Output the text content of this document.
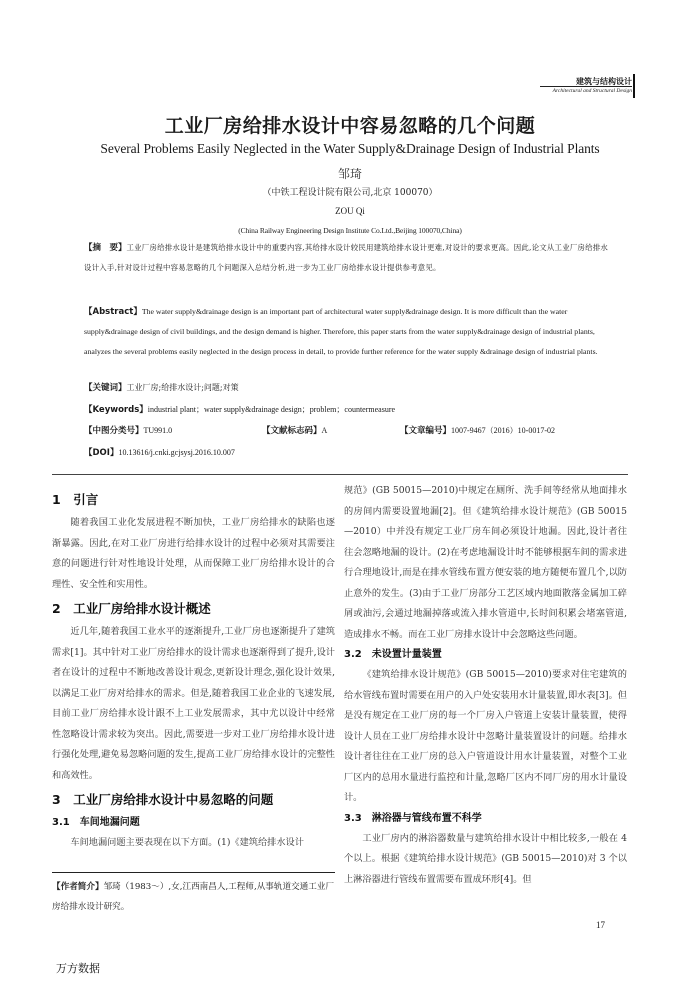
建筑与结构设计
Architectural and Structural Design
工业厂房给排水设计中容易忽略的几个问题
Several Problems Easily Neglected in the Water Supply&Drainage Design of Industrial Plants
邹琦
（中铁工程设计院有限公司,北京 100070）
ZOU Qi
(China Railway Engineering Design Institute Co.Ltd.,Beijing 100070,China)
【摘　要】工业厂房给排水设计是建筑给排水设计中的重要内容,其给排水设计较民用建筑给排水设计更难,对设计的要求更高。因此,论文从工业厂房给排水设计入手,针对设计过程中容易忽略的几个问题深入总结分析,进一步为工业厂房给排水设计提供参考意见。
【Abstract】The water supply&drainage design is an important part of architectural water supply&drainage design. It is more difficult than the water supply&drainage design of civil buildings, and the design demand is higher. Therefore, this paper starts from the water supply&drainage design of industrial plants, analyzes the several problems easily neglected in the design process in detail, to provide further reference for the water supply &drainage design of industrial plants.
【关键词】工业厂房;给排水设计;问题;对策
【Keywords】industrial plant；water supply&drainage design；problem；countermeasure
【中图分类号】TU991.0	【文献标志码】A	【文章编号】1007-9467（2016）10-0017-02
【DOI】10.13616/j.cnki.gcjsysj.2016.10.007
1　引言

随着我国工业化发展进程不断加快，工业厂房给排水的缺陷也逐渐暴露。因此,在对工业厂房进行给排水设计的过程中必须对其需要注意的问题进行针对性地设计处理，从而保障工业厂房给排水设计的合理性、安全性和实用性。

2　工业厂房给排水设计概述

近几年,随着我国工业水平的逐渐提升,工业厂房也逐渐提升了建筑需求[1]。其中针对工业厂房给排水的设计需求也逐渐得到了提升,设计者在设计的过程中不断地改善设计观念,更新设计理念,强化设计效果,以满足工业厂房对给排水的需求。但是,随着我国工业企业的飞速发展,目前工业厂房给排水设计跟不上工业发展需求，其中尤以设计中经常性忽略设计需求较为突出。因此,需要进一步对工业厂房给排水设计进行强化处理,避免易忽略问题的发生,提高工业厂房给排水设计的完整性和高效性。

3　工业厂房给排水设计中易忽略的问题
3.1　车间地漏问题

车间地漏问题主要表现在以下方面。(1)《建筑给排水设计

【作者简介】邹琦（1983～）,女,江西南昌人,工程师,从事轨道交通工业厂房给排水设计研究。

规范》(GB 50015—2010)中规定在厕所、洗手间等经常从地面排水的房间内需要设置地漏[2]。但《建筑给排水设计规范》(GB 50015—2010）中并没有规定工业厂房车间必须设计地漏。因此,设计者往往会忽略地漏的设计。(2)在考虑地漏设计时不能够根据车间的需求进行合理地设计,而是在排水管线布置方便安装的地方随便布置几个,以防止意外的发生。(3)由于工业厂房部分工艺区域内地面散落金属加工碎屑或油污,会通过地漏掉落或流入排水管道中,长时间积累会堵塞管道,造成排水不畅。而在工业厂房排水设计中会忽略这些问题。

3.2　未设置计量装置

《建筑给排水设计规范》(GB 50015—2010)要求对住宅建筑的给水管线布置时需要在用户的入户处安装用水计量装置,即水表[3]。但是没有规定在工业厂房的每一个厂房入户管道上安装计量装置，使得设计人员在工业厂房给排水设计中忽略计量装置设计的问题。给排水设计者往往在工业厂房的总入户管道设计用水计量装置，对整个工业厂区内的总用水量进行监控和计量,忽略厂区内不同厂房的用水计量设计。

3.3　淋浴器与管线布置不科学

工业厂房内的淋浴器数量与建筑给排水设计中相比较多,一般在 4 个以上。根据《建筑给排水设计规范》(GB 50015—2010)对 3 个以上淋浴器进行管线布置需要布置成环形[4]。但

17
万方数据
